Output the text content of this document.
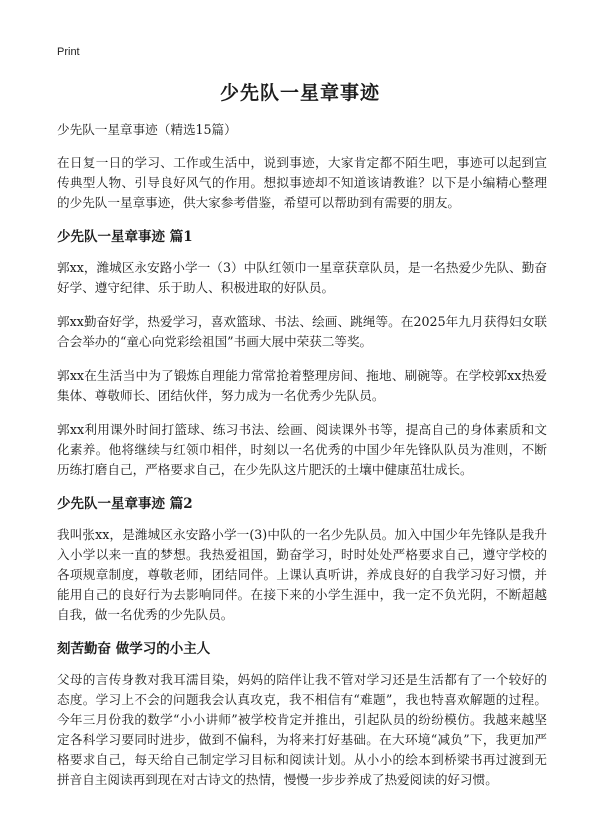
Print
少先队一星章事迹
少先队一星章事迹（精选15篇）

在日复一日的学习、工作或生活中，说到事迹，大家肯定都不陌生吧，事迹可以起到宣传典型人物、引导良好风气的作用。想拟事迹却不知道该请教谁？以下是小编精心整理的少先队一星章事迹，供大家参考借鉴，希望可以帮助到有需要的朋友。

少先队一星章事迹 篇1

郭xx，潍城区永安路小学一（3）中队红领巾一星章获章队员，是一名热爱少先队、勤奋好学、遵守纪律、乐于助人、积极进取的好队员。

郭xx勤奋好学，热爱学习，喜欢篮球、书法、绘画、跳绳等。在2025年九月获得妇女联合会举办的“童心向党彩绘祖国”书画大展中荣获二等奖。

郭xx在生活当中为了锻炼自理能力常常抢着整理房间、拖地、刷碗等。在学校郭xx热爱集体、尊敬师长、团结伙伴，努力成为一名优秀少先队员。

郭xx利用课外时间打篮球、练习书法、绘画、阅读课外书等，提高自己的身体素质和文化素养。他将继续与红领巾相伴，时刻以一名优秀的中国少年先锋队队员为准则，不断历练打磨自己，严格要求自己，在少先队这片肥沃的土壤中健康茁壮成长。

少先队一星章事迹 篇2

我叫张xx，是潍城区永安路小学一(3)中队的一名少先队员。加入中国少年先锋队是我升入小学以来一直的梦想。我热爱祖国，勤奋学习，时时处处严格要求自己，遵守学校的各项规章制度，尊敬老师，团结同伴。上课认真听讲，养成良好的自我学习好习惯，并能用自己的良好行为去影响同伴。在接下来的小学生涯中，我一定不负光阴，不断超越自我，做一名优秀的少先队员。

刻苦勤奋 做学习的小主人

父母的言传身教对我耳濡目染，妈妈的陪伴让我不管对学习还是生活都有了一个较好的态度。学习上不会的问题我会认真攻克，我不相信有“难题”，我也特喜欢解题的过程。今年三月份我的数学“小小讲师”被学校肯定并推出，引起队员的纷纷模仿。我越来越坚定各科学习要同时进步，做到不偏科，为将来打好基础。在大环境“减负”下，我更加严格要求自己，每天给自己制定学习目标和阅读计划。从小小的绘本到桥梁书再过渡到无拼音自主阅读再到现在对古诗文的热情，慢慢一步步养成了热爱阅读的好习惯。
